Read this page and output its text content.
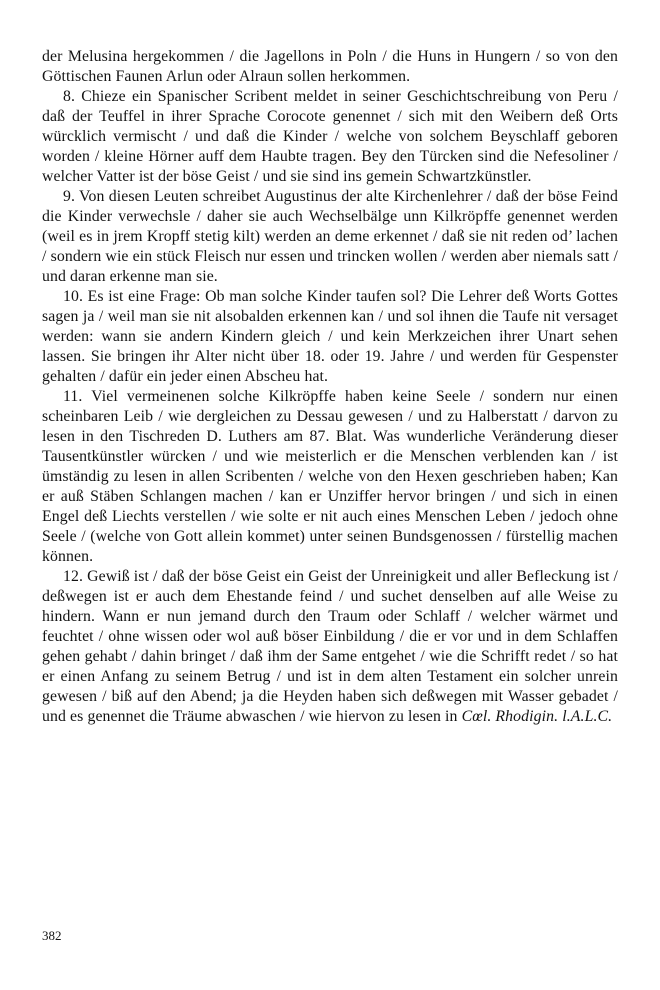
der Melusina hergekommen / die Jagellons in Poln / die Huns in Hungern / so von den Göttischen Faunen Arlun oder Alraun sollen herkommen.

8. Chieze ein Spanischer Scribent meldet in seiner Geschichtschreibung von Peru / daß der Teuffel in ihrer Sprache Corocote genennet / sich mit den Weibern deß Orts würcklich vermischt / und daß die Kinder / welche von solchem Beyschlaff geboren worden / kleine Hörner auff dem Haubte tragen. Bey den Türcken sind die Nefesoliner / welcher Vatter ist der böse Geist / und sie sind ins gemein Schwartzkünstler.

9. Von diesen Leuten schreibet Augustinus der alte Kirchenlehrer / daß der böse Feind die Kinder verwechsle / daher sie auch Wechselbälge unn Kilkröpffe genennet werden (weil es in jrem Kropff stetig kilt) werden an deme erkennet / daß sie nit reden od’ lachen / sondern wie ein stück Fleisch nur essen und trincken wollen / werden aber niemals satt / und daran erkenne man sie.

10. Es ist eine Frage: Ob man solche Kinder taufen sol? Die Lehrer deß Worts Gottes sagen ja / weil man sie nit alsobalden erkennen kan / und sol ihnen die Taufe nit versaget werden: wann sie andern Kindern gleich / und kein Merkzeichen ihrer Unart sehen lassen. Sie bringen ihr Alter nicht über 18. oder 19. Jahre / und werden für Gespenster gehalten / dafür ein jeder einen Abscheu hat.

11. Viel vermeinenen solche Kilkröpffe haben keine Seele / sondern nur einen scheinbaren Leib / wie dergleichen zu Dessau gewesen / und zu Halberstatt / darvon zu lesen in den Tischreden D. Luthers am 87. Blat. Was wunderliche Veränderung dieser Tausentkünstler würcken / und wie meisterlich er die Menschen verblenden kan / ist ümständig zu lesen in allen Scribenten / welche von den Hexen geschrieben haben; Kan er auß Stäben Schlangen machen / kan er Unziffer hervor bringen / und sich in einen Engel deß Liechts verstellen / wie solte er nit auch eines Menschen Leben / jedoch ohne Seele / (welche von Gott allein kommet) unter seinen Bundsgenossen / fürstellig machen können.

12. Gewiß ist / daß der böse Geist ein Geist der Unreinigkeit und aller Befleckung ist / deßwegen ist er auch dem Ehestande feind / und suchet denselben auf alle Weise zu hindern. Wann er nun jemand durch den Traum oder Schlaff / welcher wärmet und feuchtet / ohne wissen oder wol auß böser Einbildung / die er vor und in dem Schlaffen gehen gehabt / dahin bringet / daß ihm der Same entgehet / wie die Schrifft redet / so hat er einen Anfang zu seinem Betrug / und ist in dem alten Testament ein solcher unrein gewesen / biß auf den Abend; ja die Heyden haben sich deßwegen mit Wasser gebadet / und es genennet die Träume abwaschen / wie hiervon zu lesen in Cœl. Rhodigin. l.A.L.C.

382
